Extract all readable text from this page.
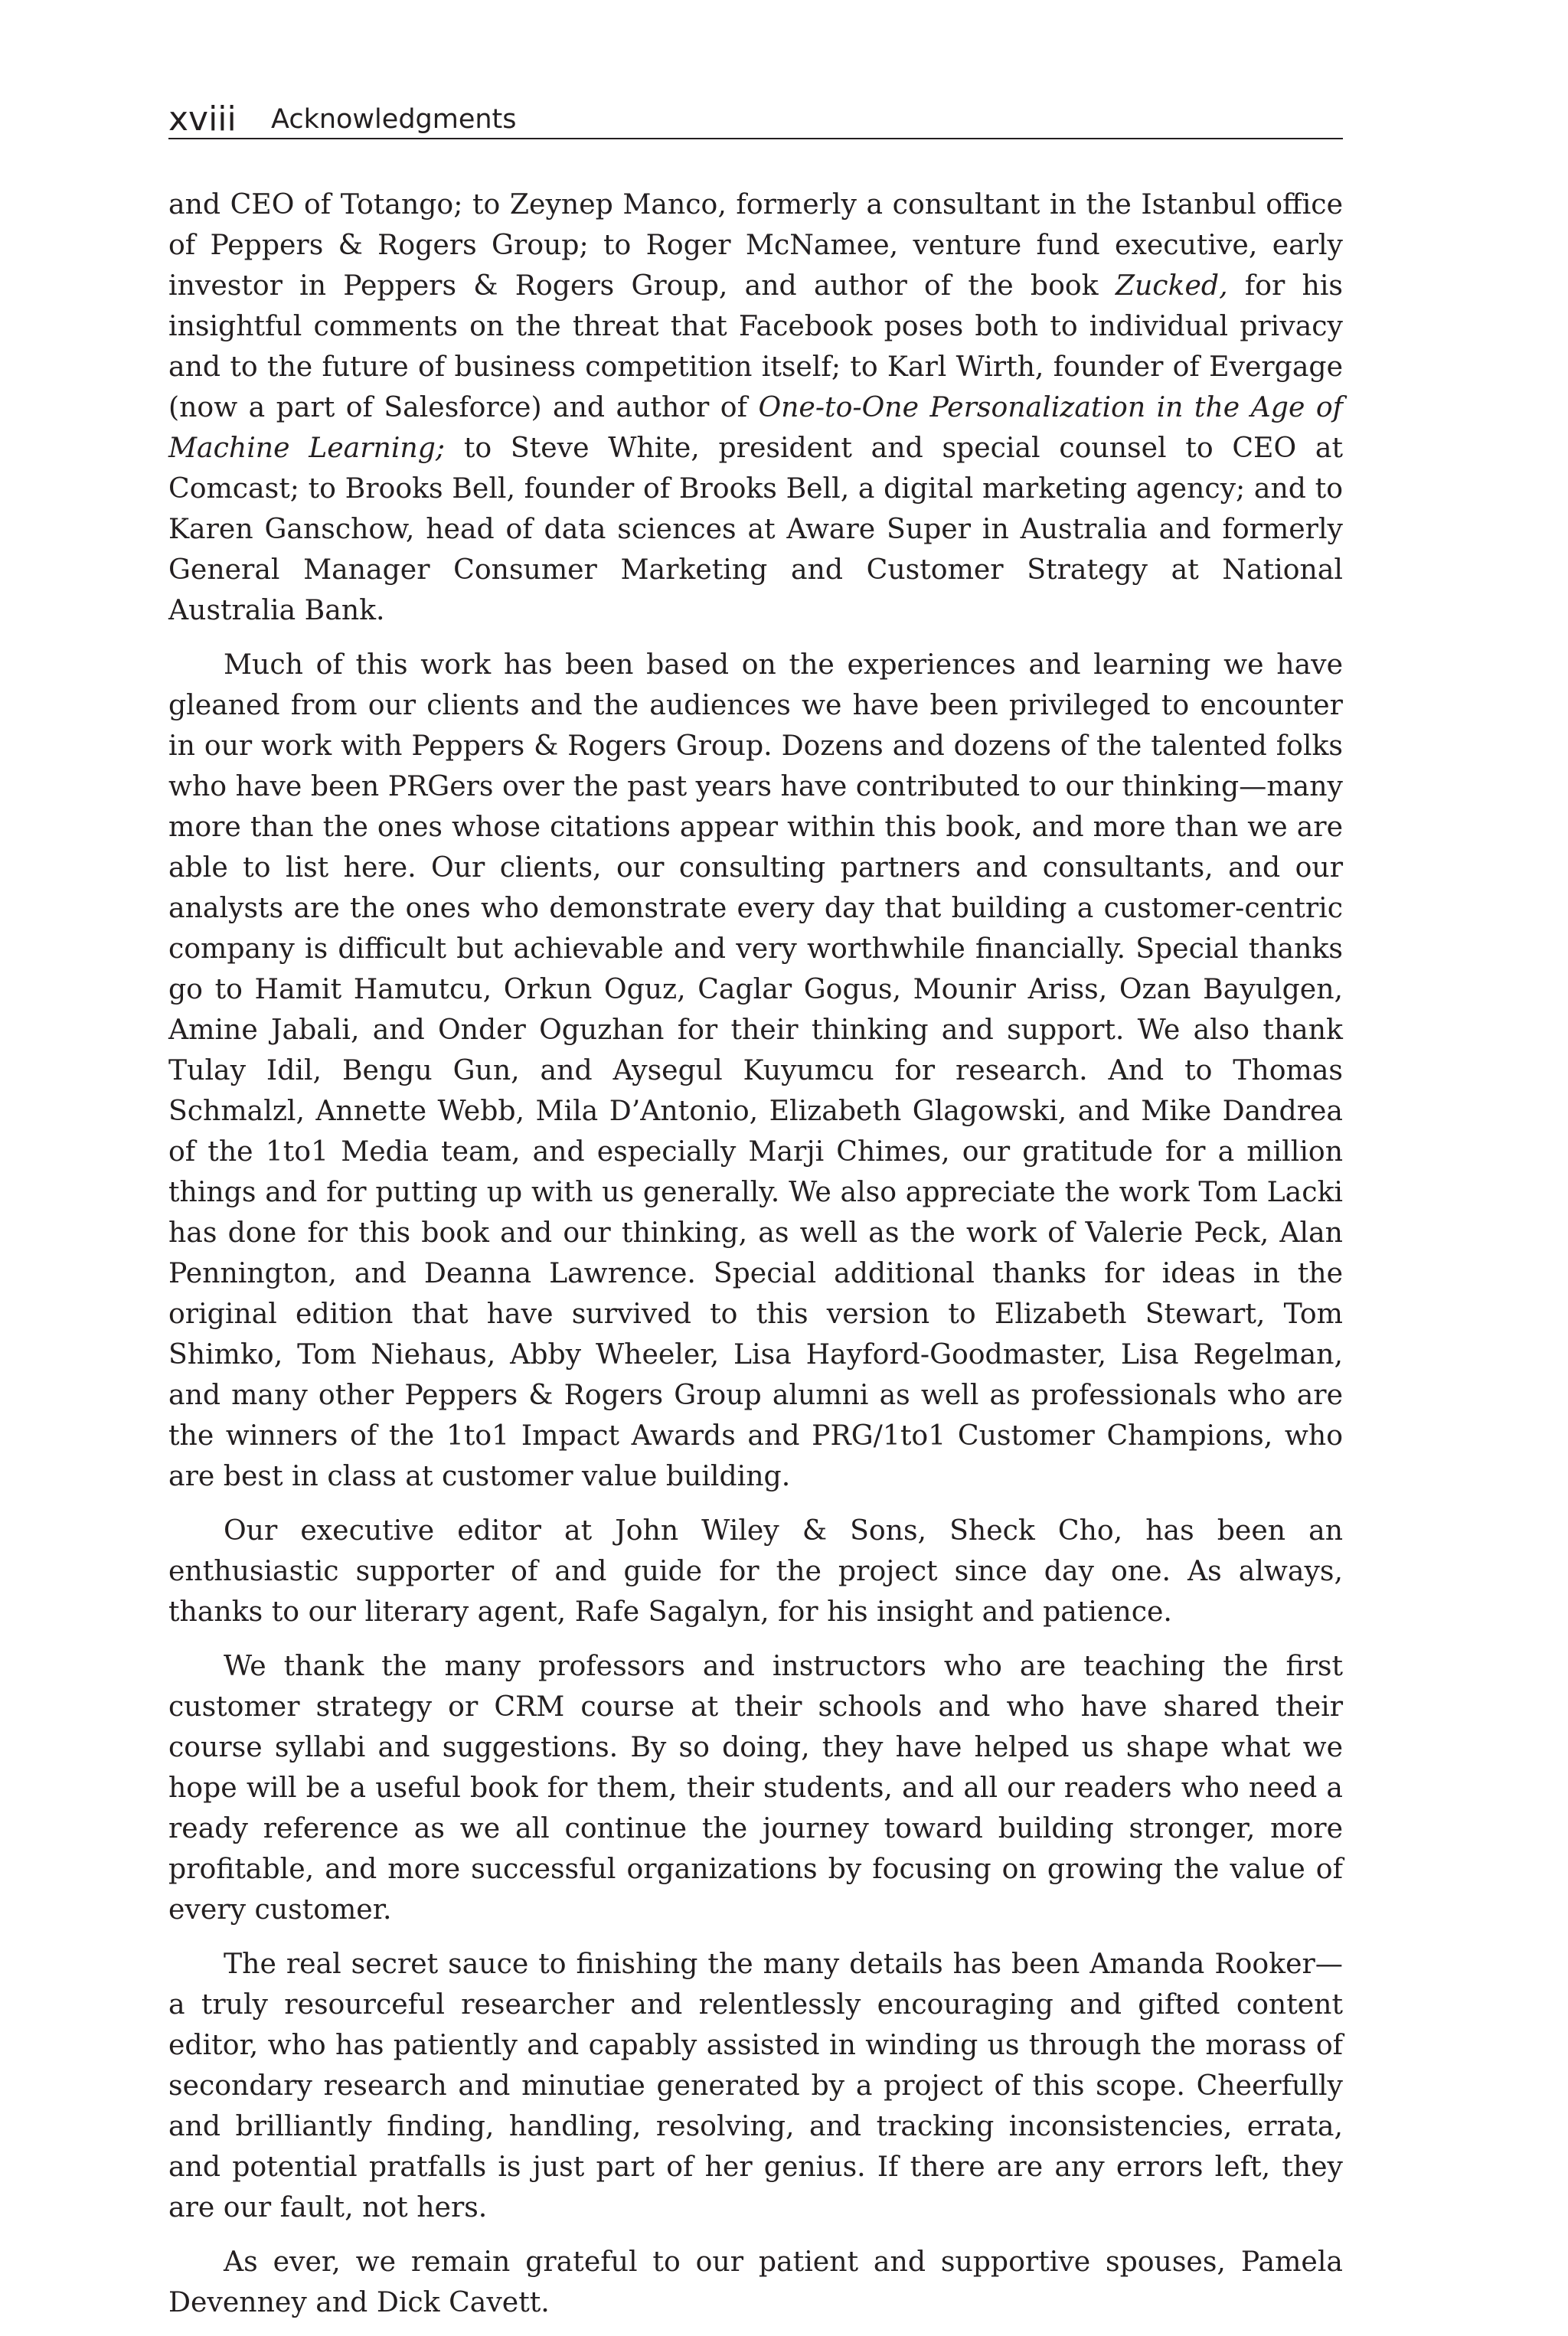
xviii Acknowledgments

and CEO of Totango; to Zeynep Manco, formerly a consultant in the Istanbul office of Peppers & Rogers Group; to Roger McNamee, venture fund executive, early investor in Peppers & Rogers Group, and author of the book Zucked, for his insightful comments on the threat that Facebook poses both to individual privacy and to the future of business competition itself; to Karl Wirth, founder of Evergage (now a part of Salesforce) and author of One-to-One Personalization in the Age of Machine Learning; to Steve White, president and special counsel to CEO at Comcast; to Brooks Bell, founder of Brooks Bell, a digital marketing agency; and to Karen Ganschow, head of data sciences at Aware Super in Australia and formerly General Manager Consumer Marketing and Customer Strategy at National Australia Bank.

Much of this work has been based on the experiences and learning we have gleaned from our clients and the audiences we have been privileged to encounter in our work with Peppers & Rogers Group. Dozens and dozens of the talented folks who have been PRGers over the past years have contributed to our thinking—many more than the ones whose citations appear within this book, and more than we are able to list here. Our clients, our consulting partners and consultants, and our analysts are the ones who demonstrate every day that building a customer-centric company is difficult but achievable and very worthwhile financially. Special thanks go to Hamit Hamutcu, Orkun Oguz, Caglar Gogus, Mounir Ariss, Ozan Bayulgen, Amine Jabali, and Onder Oguzhan for their thinking and support. We also thank Tulay Idil, Bengu Gun, and Aysegul Kuyumcu for research. And to Thomas Schmalzl, Annette Webb, Mila D’Antonio, Elizabeth Glagowski, and Mike Dandrea of the 1to1 Media team, and especially Marji Chimes, our gratitude for a million things and for putting up with us generally. We also appreciate the work Tom Lacki has done for this book and our thinking, as well as the work of Valerie Peck, Alan Pennington, and Deanna Lawrence. Special additional thanks for ideas in the original edition that have survived to this version to Elizabeth Stewart, Tom Shimko, Tom Niehaus, Abby Wheeler, Lisa Hayford-Goodmaster, Lisa Regelman, and many other Peppers & Rogers Group alumni as well as professionals who are the winners of the 1to1 Impact Awards and PRG/1to1 Customer Champions, who are best in class at customer value building.

Our executive editor at John Wiley & Sons, Sheck Cho, has been an enthusiastic supporter of and guide for the project since day one. As always, thanks to our literary agent, Rafe Sagalyn, for his insight and patience.

We thank the many professors and instructors who are teaching the first customer strategy or CRM course at their schools and who have shared their course syllabi and suggestions. By so doing, they have helped us shape what we hope will be a useful book for them, their students, and all our readers who need a ready reference as we all continue the journey toward building stronger, more profitable, and more successful organizations by focusing on growing the value of every customer.

The real secret sauce to finishing the many details has been Amanda Rooker—a truly resourceful researcher and relentlessly encouraging and gifted content editor, who has patiently and capably assisted in winding us through the morass of secondary research and minutiae generated by a project of this scope. Cheerfully and brilliantly finding, handling, resolving, and tracking inconsistencies, errata, and potential pratfalls is just part of her genius. If there are any errors left, they are our fault, not hers.

As ever, we remain grateful to our patient and supportive spouses, Pamela Devenney and Dick Cavett.
